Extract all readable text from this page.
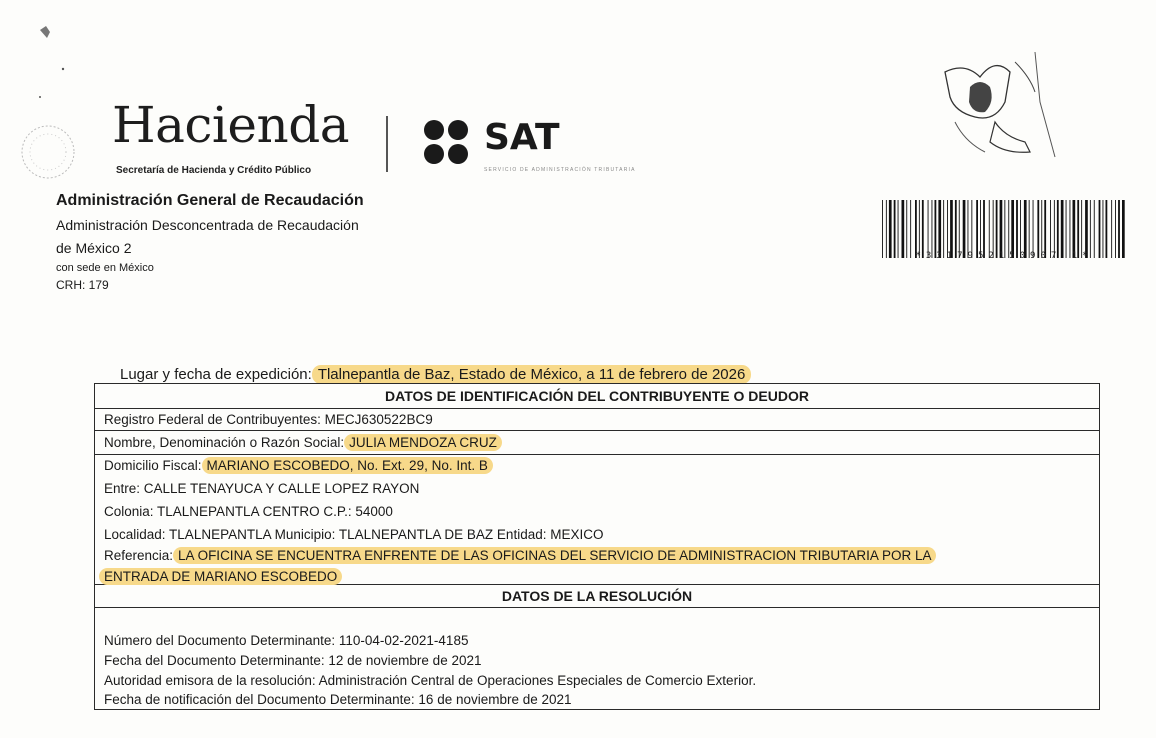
Hacienda
Secretaría de Hacienda y Crédito Público
SAT
SERVICIO DE ADMINISTRACIÓN TRIBUTARIA
Administración General de Recaudación
Administración Desconcentrada de Recaudación
de México 2
con sede en México
CRH: 179
*3317952150907 1*
Lugar y fecha de expedición: Tlalnepantla de Baz, Estado de México, a 11 de febrero de 2026
DATOS DE IDENTIFICACIÓN DEL CONTRIBUYENTE O DEUDOR
Registro Federal de Contribuyentes:
MECJ630522BC9
Nombre, Denominación o Razón Social: JULIA MENDOZA CRUZ
Domicilio Fiscal: MARIANO ESCOBEDO, No. Ext. 29, No. Int. B
Entre: CALLE TENAYUCA Y CALLE LOPEZ RAYON
Colonia: TLALNEPANTLA CENTRO C.P.: 54000
Localidad: TLALNEPANTLA Municipio: TLALNEPANTLA DE BAZ Entidad: MEXICO
Referencia: LA OFICINA SE ENCUENTRA ENFRENTE DE LAS OFICINAS DEL SERVICIO DE ADMINISTRACION TRIBUTARIA POR LA
ENTRADA DE MARIANO ESCOBEDO
DATOS DE LA RESOLUCIÓN
Número del Documento Determinante: 110-04-02-2021-4185
Fecha del Documento Determinante: 12 de noviembre de 2021
Autoridad emisora de la resolución: Administración Central de Operaciones Especiales de Comercio Exterior.
Fecha de notificación del Documento Determinante: 16 de noviembre de 2021
